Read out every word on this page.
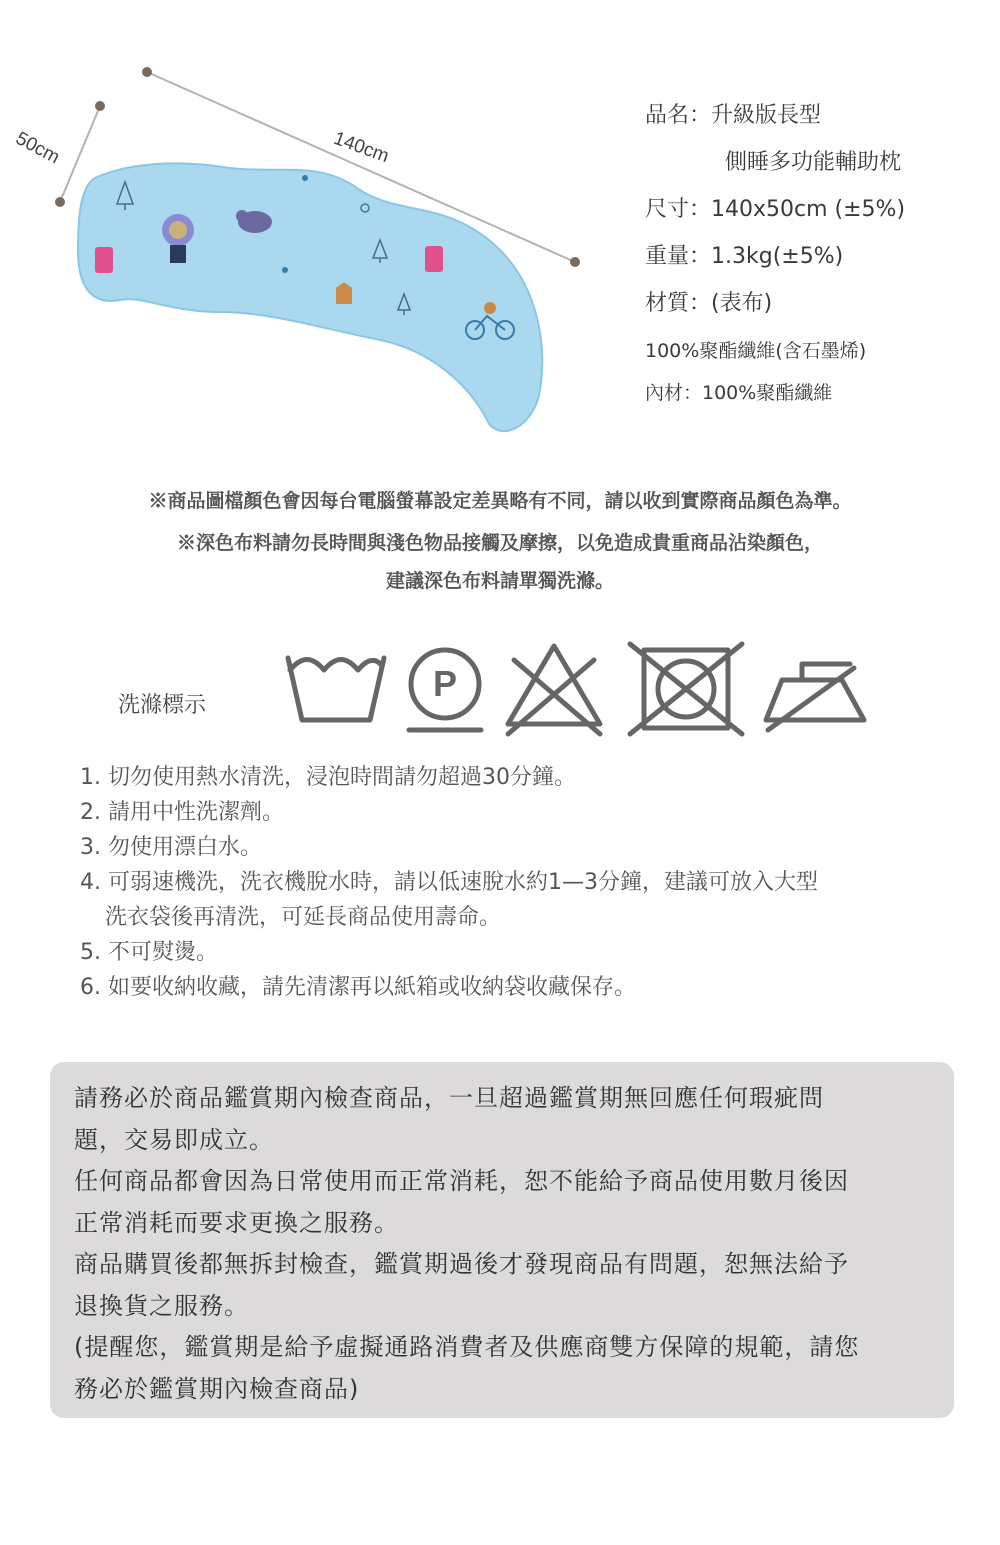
50cm	140cm
品名：升級版長型
側睡多功能輔助枕
尺寸：140x50cm (±5%)
重量：1.3kg(±5%)
材質：(表布)
100%聚酯纖維(含石墨烯)
內材：100%聚酯纖維
※商品圖檔顏色會因每台電腦螢幕設定差異略有不同，請以收到實際商品顏色為準。
※深色布料請勿長時間與淺色物品接觸及摩擦，以免造成貴重商品沾染顏色，
建議深色布料請單獨洗滌。
洗滌標示
P
1. 切勿使用熱水清洗，浸泡時間請勿超過30分鐘。
2. 請用中性洗潔劑。
3. 勿使用漂白水。
4. 可弱速機洗，洗衣機脫水時，請以低速脫水約1—3分鐘，建議可放入大型
洗衣袋後再清洗，可延長商品使用壽命。
5. 不可熨燙。
6. 如要收納收藏，請先清潔再以紙箱或收納袋收藏保存。
請務必於商品鑑賞期內檢查商品，一旦超過鑑賞期無回應任何瑕疵問
題，交易即成立。
任何商品都會因為日常使用而正常消耗，恕不能給予商品使用數月後因
正常消耗而要求更換之服務。
商品購買後都無拆封檢查，鑑賞期過後才發現商品有問題，恕無法給予
退換貨之服務。
(提醒您，鑑賞期是給予虛擬通路消費者及供應商雙方保障的規範，請您
務必於鑑賞期內檢查商品)
